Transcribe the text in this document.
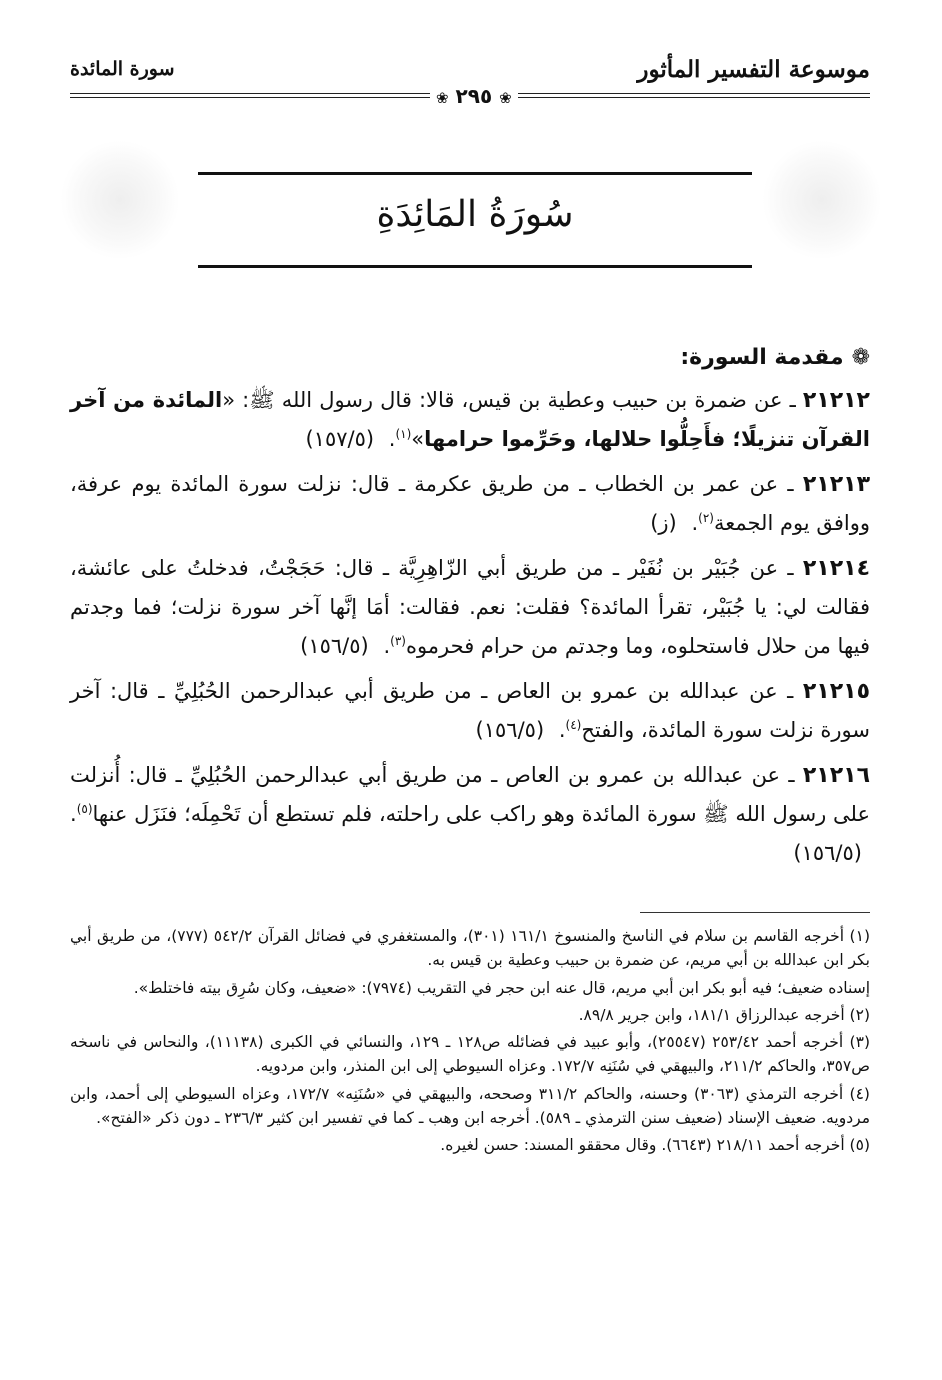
موسوعة التفسير المأثور
سورة المائدة
❀ ٢٩٥ ❀
سُورَةُ المَائِدَةِ
❁مقدمة السورة:

٢١٢١٢ ـ عن ضمرة بن حبيب وعطية بن قيس، قالا: قال رسول الله ﷺ: «المائدة من آخر القرآن تنزيلًا؛ فأَحِلُّوا حلالها، وحَرِّموا حرامها»$^{(١)}$. (١٥٧/٥)

٢١٢١٣ ـ عن عمر بن الخطاب ـ من طريق عكرمة ـ قال: نزلت سورة المائدة يوم عرفة، ووافق يوم الجمعة$^{(٢)}$. (ز)

٢١٢١٤ ـ عن جُبَيْر بن نُفَيْر ـ من طريق أبي الزّاهِرِيَّة ـ قال: حَجَجْتُ، فدخلتُ على عائشة، فقالت لي: يا جُبَيْر، تقرأ المائدة؟ فقلت: نعم. فقالت: أمَا إنَّها آخر سورة نزلت؛ فما وجدتم فيها من حلال فاستحلوه، وما وجدتم من حرام فحرموه$^{(٣)}$. (١٥٦/٥)

٢١٢١٥ ـ عن عبدالله بن عمرو بن العاص ـ من طريق أبي عبدالرحمن الحُبُلِيِّ ـ قال: آخر سورة نزلت سورة المائدة، والفتح$^{(٤)}$. (١٥٦/٥)

٢١٢١٦ ـ عن عبدالله بن عمرو بن العاص ـ من طريق أبي عبدالرحمن الحُبُلِيِّ ـ قال: أُنزلت على رسول الله ﷺ سورة المائدة وهو راكب على راحلته، فلم تستطع أن تَحْمِلَه؛ فنَزَل عنها$^{(٥)}$. (١٥٦/٥)

(١) أخرجه القاسم بن سلام في الناسخ والمنسوخ ١٦١/١ (٣٠١)، والمستغفري في فضائل القرآن ٥٤٢/٢ (٧٧٧)، من طريق أبي بكر ابن عبدالله بن أبي مريم، عن ضمرة بن حبيب وعطية بن قيس به.

إسناده ضعيف؛ فيه أبو بكر ابن أبي مريم، قال عنه ابن حجر في التقريب (٧٩٧٤): «ضعيف، وكان سُرِق بيته فاختلط».

(٢) أخرجه عبدالرزاق ١٨١/١، وابن جرير ٨٩/٨.

(٣) أخرجه أحمد ٢٥٣/٤٢ (٢٥٥٤٧)، وأبو عبيد في فضائله ص١٢٨ ـ ١٢٩، والنسائي في الكبرى (١١١٣٨)، والنحاس في ناسخه ص٣٥٧، والحاكم ٢١١/٢، والبيهقي في سُنَنِه ١٧٢/٧. وعزاه السيوطي إلى ابن المنذر، وابن مردويه.

(٤) أخرجه الترمذي (٣٠٦٣) وحسنه، والحاكم ٣١١/٢ وصححه، والبيهقي في «سُنَنِه» ١٧٢/٧، وعزاه السيوطي إلى أحمد، وابن مردويه. ضعيف الإسناد (ضعيف سنن الترمذي ـ ٥٨٩). أخرجه ابن وهب ـ كما في تفسير ابن كثير ٢٣٦/٣ ـ دون ذكر «الفتح».

(٥) أخرجه أحمد ٢١٨/١١ (٦٦٤٣). وقال محققو المسند: حسن لغيره.
